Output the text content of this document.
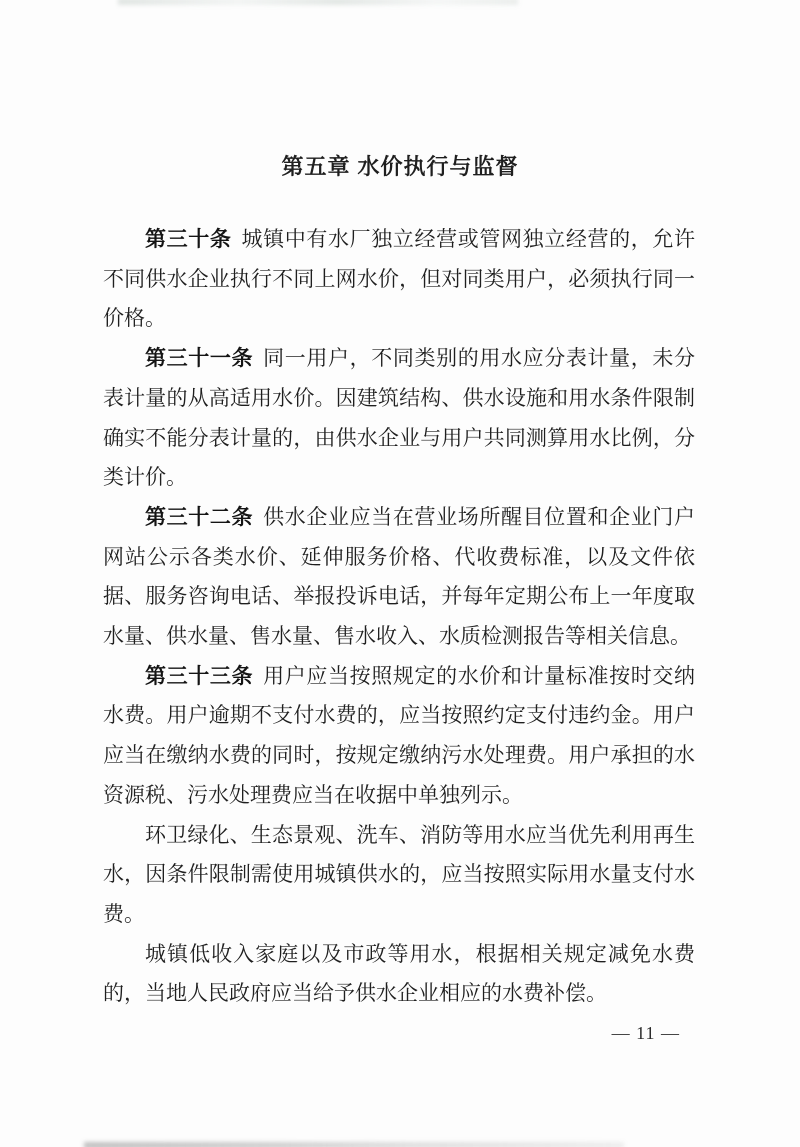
第五章 水价执行与监督

第三十条 城镇中有水厂独立经营或管网独立经营的，允许不同供水企业执行不同上网水价，但对同类用户，必须执行同一价格。

第三十一条 同一用户，不同类别的用水应分表计量，未分表计量的从高适用水价。因建筑结构、供水设施和用水条件限制确实不能分表计量的，由供水企业与用户共同测算用水比例，分类计价。

第三十二条 供水企业应当在营业场所醒目位置和企业门户网站公示各类水价、延伸服务价格、代收费标准，以及文件依据、服务咨询电话、举报投诉电话，并每年定期公布上一年度取水量、供水量、售水量、售水收入、水质检测报告等相关信息。

第三十三条 用户应当按照规定的水价和计量标准按时交纳水费。用户逾期不支付水费的，应当按照约定支付违约金。用户应当在缴纳水费的同时，按规定缴纳污水处理费。用户承担的水资源税、污水处理费应当在收据中单独列示。

环卫绿化、生态景观、洗车、消防等用水应当优先利用再生水，因条件限制需使用城镇供水的，应当按照实际用水量支付水费。

城镇低收入家庭以及市政等用水，根据相关规定减免水费的，当地人民政府应当给予供水企业相应的水费补偿。

— 11 —
